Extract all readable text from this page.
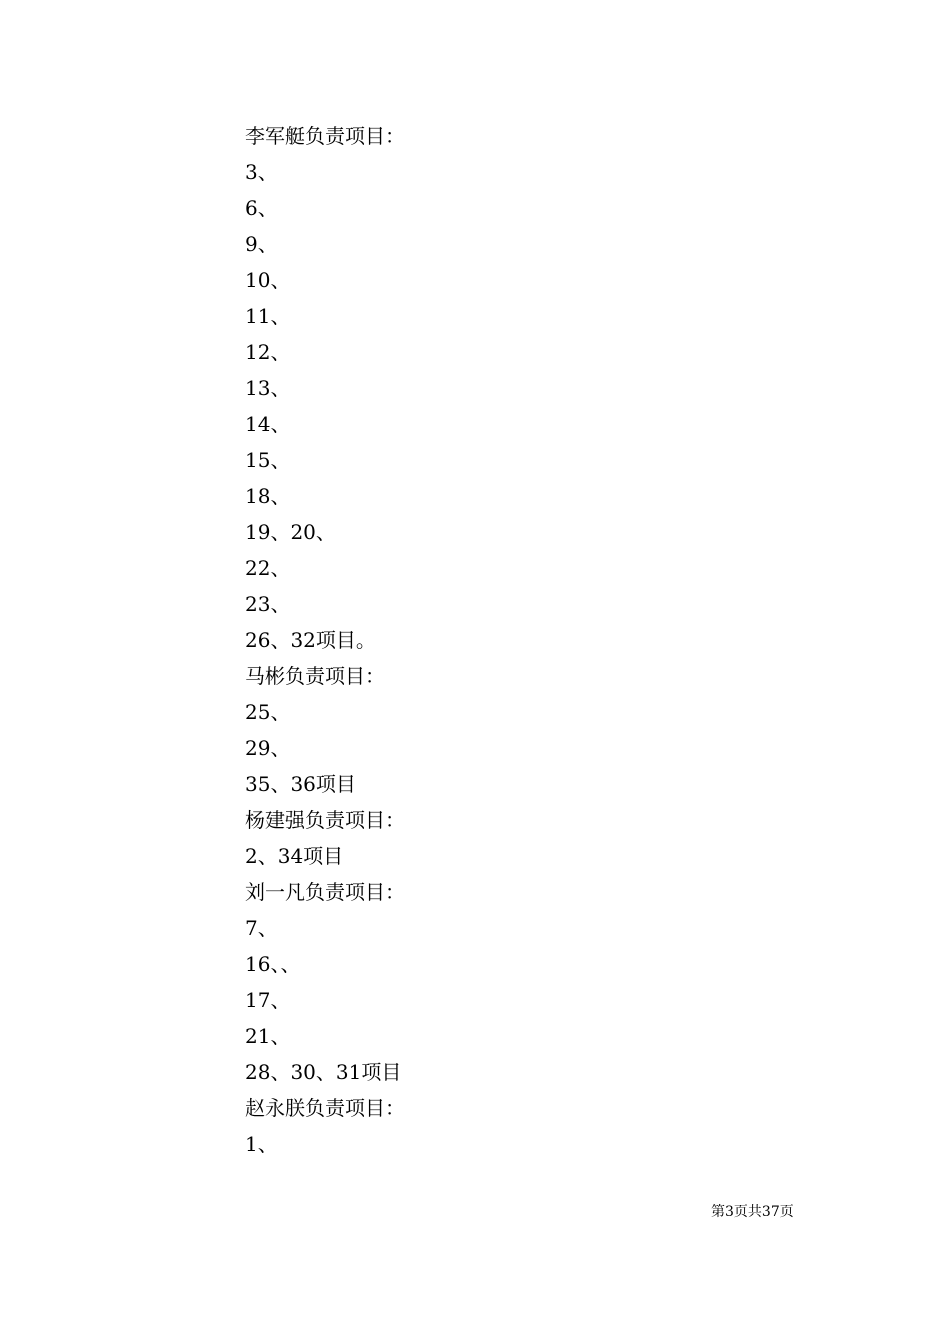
李军艇负责项目：
3、
6、
9、
10、
11、
12、
13、
14、
15、
18、
19、20、
22、
23、
26、32项目。
马彬负责项目：
25、
29、
35、36项目
杨建强负责项目：
2、34项目
刘一凡负责项目：
7、
16、、
17、
21、
28、30、31项目
赵永朕负责项目：
1、
第3页共37页
